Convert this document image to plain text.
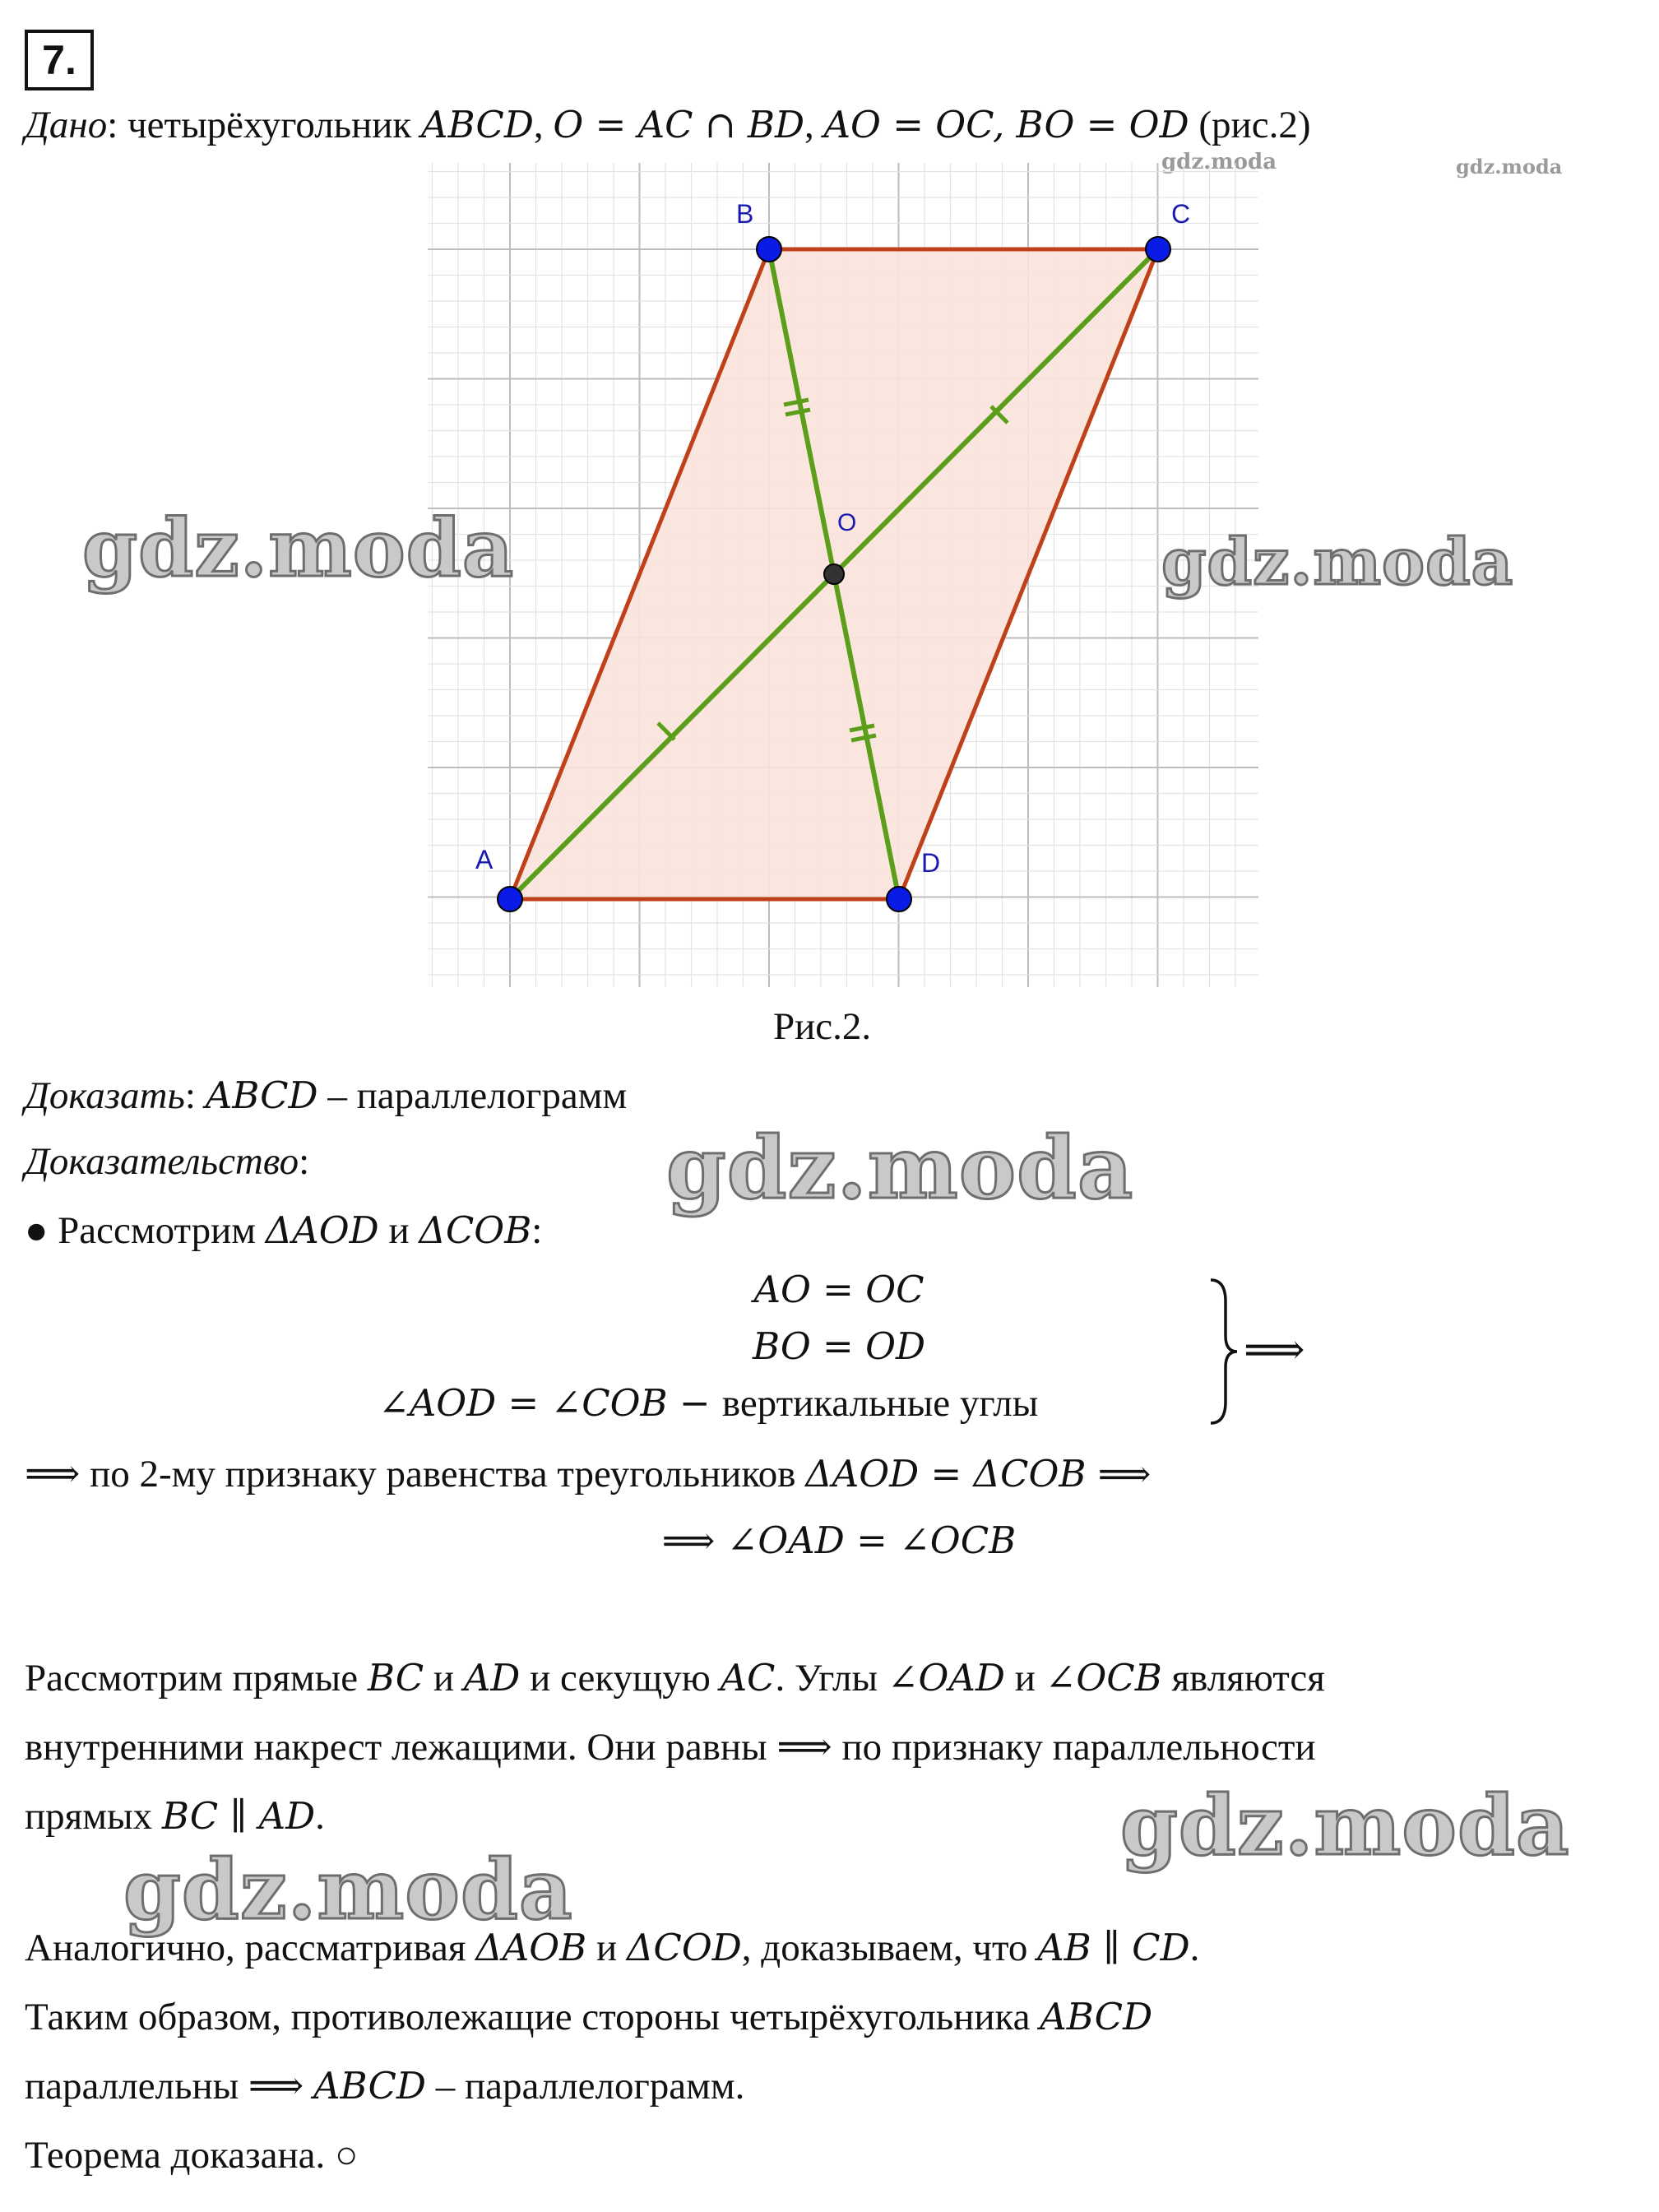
7.
Дано: четырёхугольник ABCD, O = AC ∩ BD, AO = OC, BO = OD (рис.2)
gdz.moda	gdz.moda
A
B	C
D
O
Рис.2.
Доказать: ABCD – параллелограмм
Доказательство:
● Рассмотрим ΔAOD и ΔCOB:
AO = OC
BO = OD
∠AOD = ∠COB − вертикальные углы
⟹
⟹ по 2-му признаку равенства треугольников ΔAOD = ΔCOB ⟹
⟹ ∠OAD = ∠OCB
Рассмотрим прямые BC и AD и секущую AC. Углы ∠OAD и ∠OCB являются
внутренними накрест лежащими. Они равны ⟹ по признаку параллельности
прямых BC ∥ AD.
Аналогично, рассматривая ΔAOB и ΔCOD, доказываем, что AB ∥ CD.
Таким образом, противолежащие стороны четырёхугольника ABCD
параллельны ⟹ ABCD – параллелограмм.
Теорема доказана. ○
gdz.moda	gdz.moda
gdz.moda
gdz.moda
gdz.moda
